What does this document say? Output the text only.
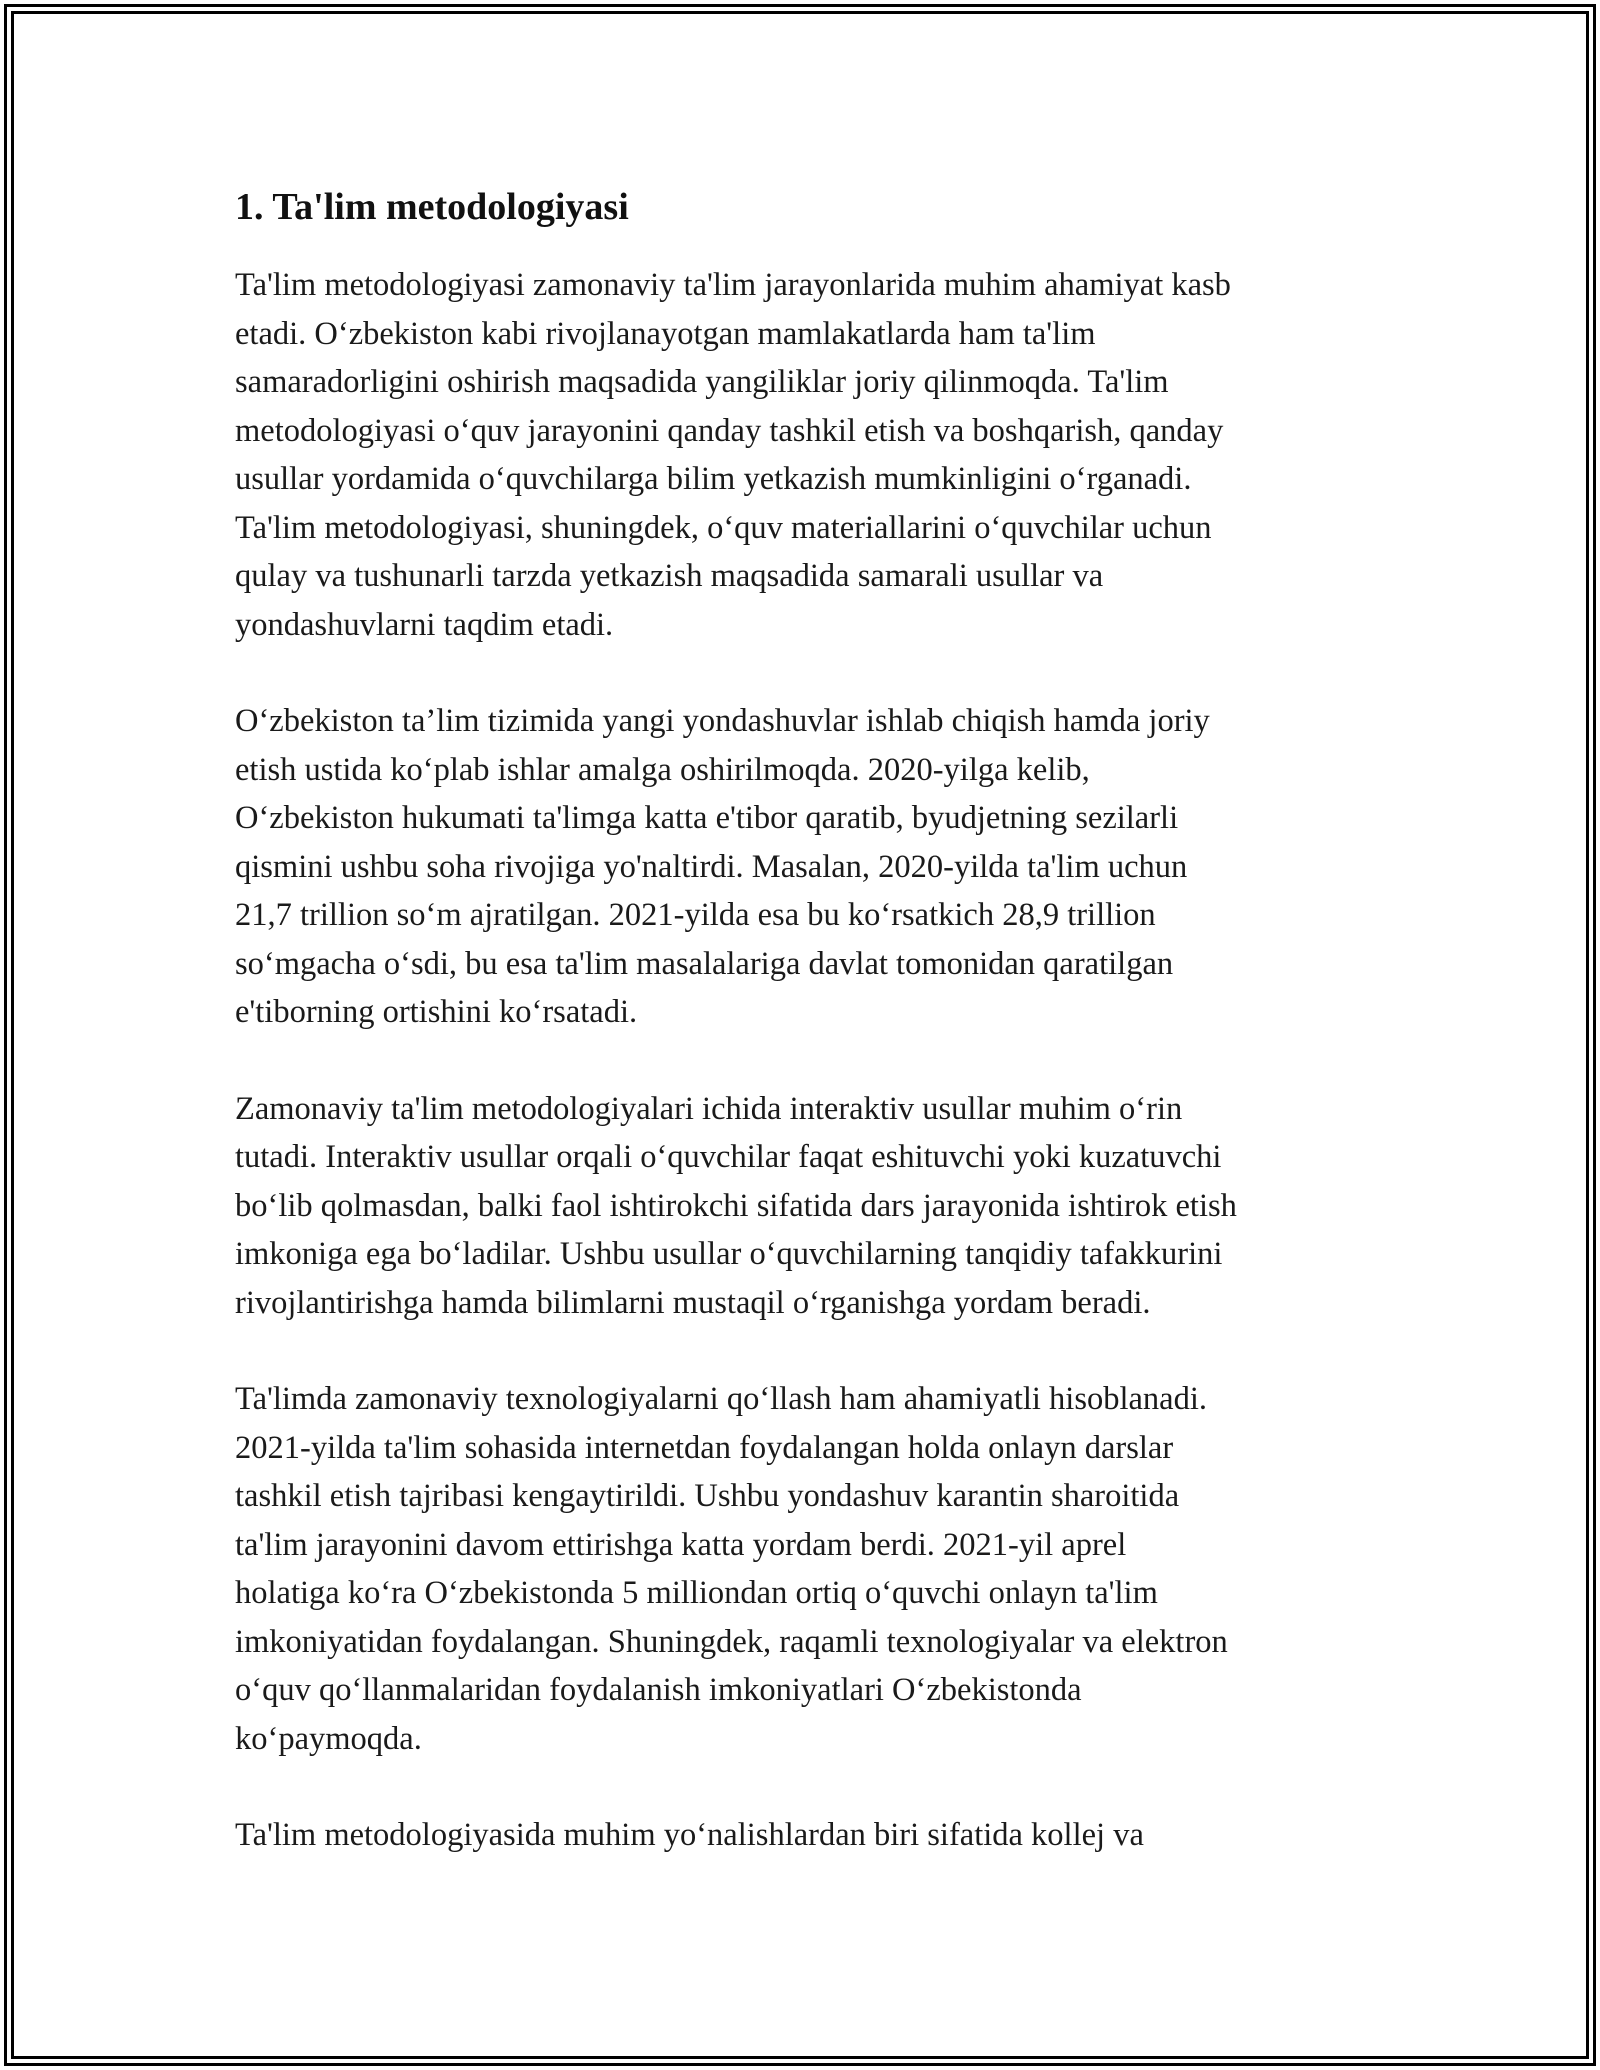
1. Ta'lim metodologiyasi

Ta'lim metodologiyasi zamonaviy ta'lim jarayonlarida muhim ahamiyat kasb
etadi. O‘zbekiston kabi rivojlanayotgan mamlakatlarda ham ta'lim
samaradorligini oshirish maqsadida yangiliklar joriy qilinmoqda. Ta'lim
metodologiyasi o‘quv jarayonini qanday tashkil etish va boshqarish, qanday
usullar yordamida o‘quvchilarga bilim yetkazish mumkinligini o‘rganadi.
Ta'lim metodologiyasi, shuningdek, o‘quv materiallarini o‘quvchilar uchun
qulay va tushunarli tarzda yetkazish maqsadida samarali usullar va
yondashuvlarni taqdim etadi.

O‘zbekiston ta’lim tizimida yangi yondashuvlar ishlab chiqish hamda joriy
etish ustida ko‘plab ishlar amalga oshirilmoqda. 2020-yilga kelib,
O‘zbekiston hukumati ta'limga katta e'tibor qaratib, byudjetning sezilarli
qismini ushbu soha rivojiga yo'naltirdi. Masalan, 2020-yilda ta'lim uchun
21,7 trillion so‘m ajratilgan. 2021-yilda esa bu ko‘rsatkich 28,9 trillion
so‘mgacha o‘sdi, bu esa ta'lim masalalariga davlat tomonidan qaratilgan
e'tiborning ortishini ko‘rsatadi.

Zamonaviy ta'lim metodologiyalari ichida interaktiv usullar muhim o‘rin
tutadi. Interaktiv usullar orqali o‘quvchilar faqat eshituvchi yoki kuzatuvchi
bo‘lib qolmasdan, balki faol ishtirokchi sifatida dars jarayonida ishtirok etish
imkoniga ega bo‘ladilar. Ushbu usullar o‘quvchilarning tanqidiy tafakkurini
rivojlantirishga hamda bilimlarni mustaqil o‘rganishga yordam beradi.

Ta'limda zamonaviy texnologiyalarni qo‘llash ham ahamiyatli hisoblanadi.
2021-yilda ta'lim sohasida internetdan foydalangan holda onlayn darslar
tashkil etish tajribasi kengaytirildi. Ushbu yondashuv karantin sharoitida
ta'lim jarayonini davom ettirishga katta yordam berdi. 2021-yil aprel
holatiga ko‘ra O‘zbekistonda 5 milliondan ortiq o‘quvchi onlayn ta'lim
imkoniyatidan foydalangan. Shuningdek, raqamli texnologiyalar va elektron
o‘quv qo‘llanmalaridan foydalanish imkoniyatlari O‘zbekistonda
ko‘paymoqda.

Ta'lim metodologiyasida muhim yo‘nalishlardan biri sifatida kollej va
